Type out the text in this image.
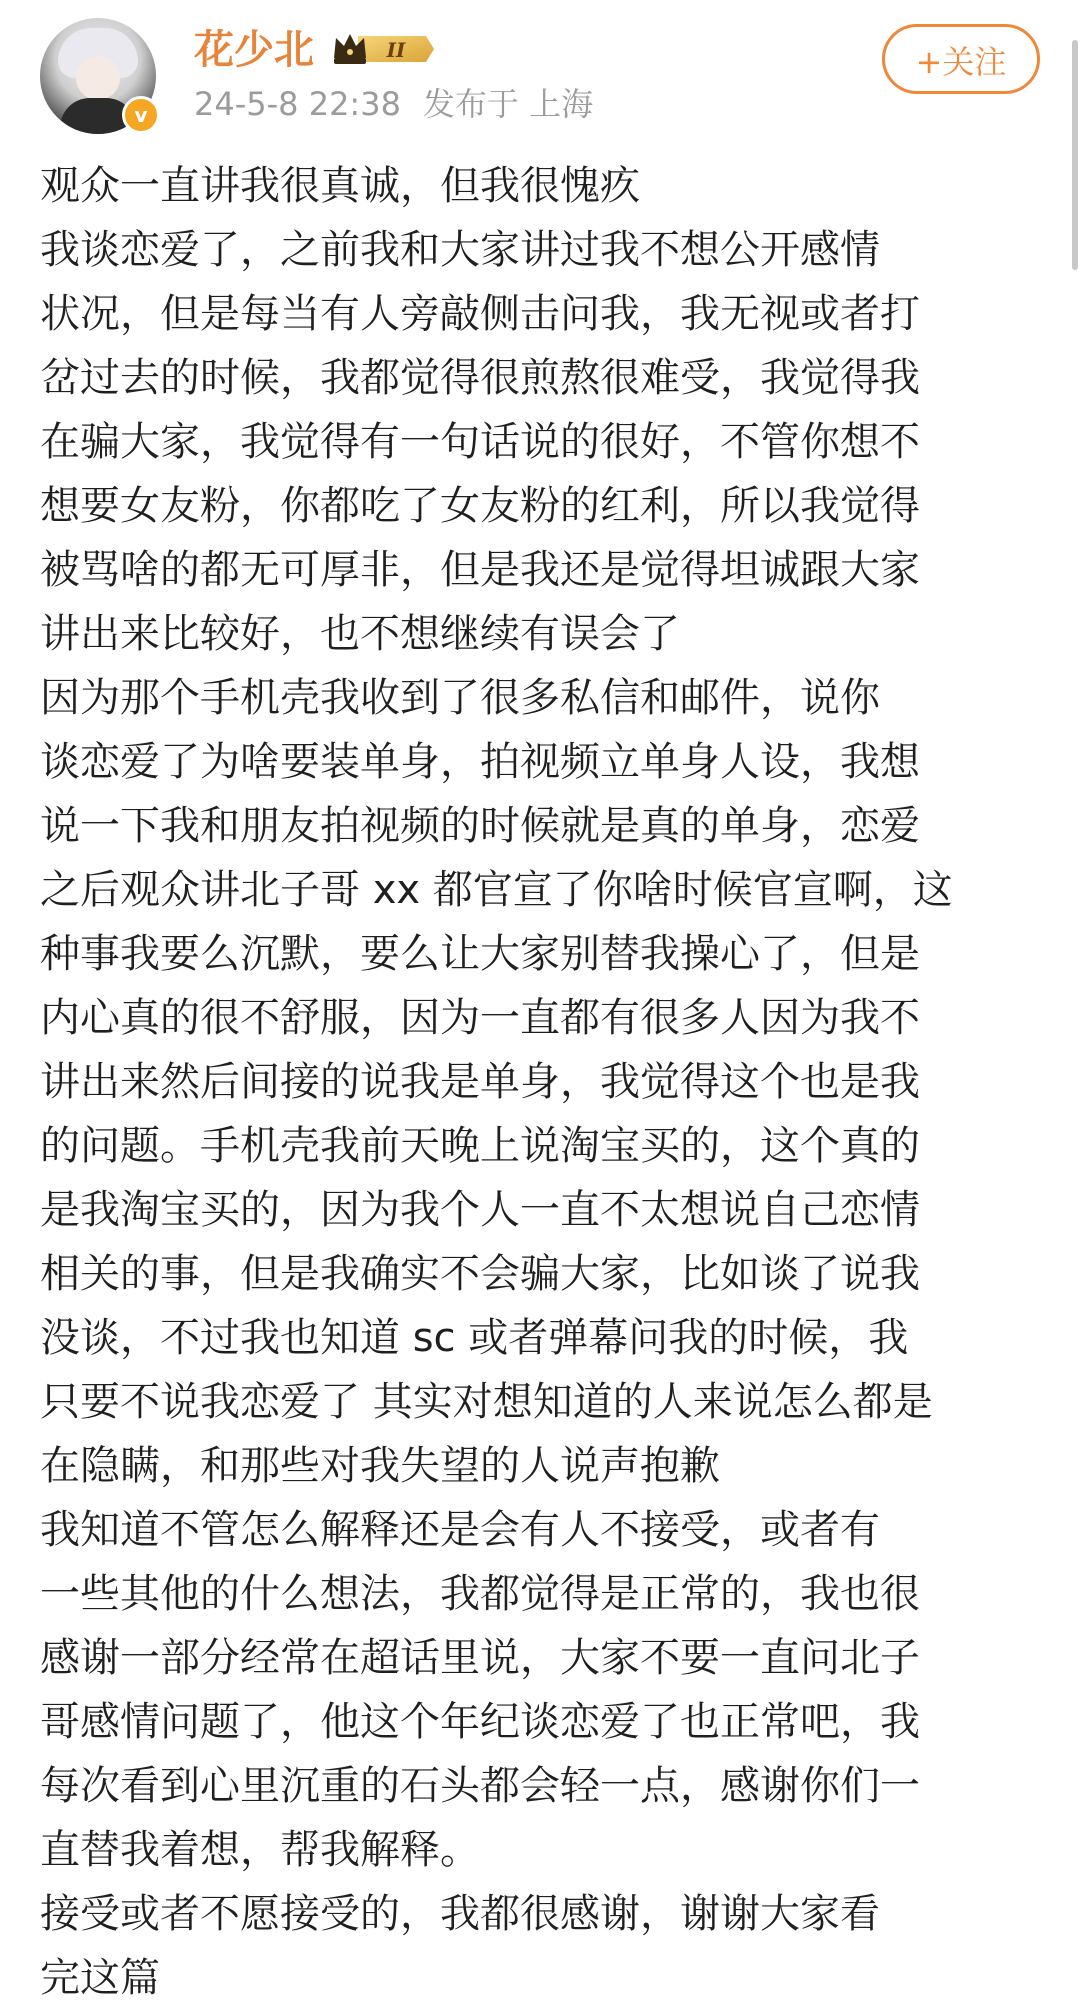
v
花少北	II
24-5-8 22:38 发布于 上海
+关注

观众一直讲我很真诚，但我很愧疚

我谈恋爱了，之前我和大家讲过我不想公开感情
状况，但是每当有人旁敲侧击问我，我无视或者打
岔过去的时候，我都觉得很煎熬很难受，我觉得我
在骗大家，我觉得有一句话说的很好，不管你想不
想要女友粉，你都吃了女友粉的红利，所以我觉得
被骂啥的都无可厚非，但是我还是觉得坦诚跟大家
讲出来比较好，也不想继续有误会了

因为那个手机壳我收到了很多私信和邮件，说你
谈恋爱了为啥要装单身，拍视频立单身人设，我想
说一下我和朋友拍视频的时候就是真的单身，恋爱
之后观众讲北子哥 xx 都官宣了你啥时候官宣啊，这
种事我要么沉默，要么让大家别替我操心了，但是
内心真的很不舒服，因为一直都有很多人因为我不
讲出来然后间接的说我是单身，我觉得这个也是我
的问题。手机壳我前天晚上说淘宝买的，这个真的
是我淘宝买的，因为我个人一直不太想说自己恋情
相关的事，但是我确实不会骗大家，比如谈了说我
没谈，不过我也知道 sc 或者弹幕问我的时候，我
只要不说我恋爱了 其实对想知道的人来说怎么都是
在隐瞒，和那些对我失望的人说声抱歉

我知道不管怎么解释还是会有人不接受，或者有
一些其他的什么想法，我都觉得是正常的，我也很
感谢一部分经常在超话里说，大家不要一直问北子
哥感情问题了，他这个年纪谈恋爱了也正常吧，我
每次看到心里沉重的石头都会轻一点，感谢你们一
直替我着想，帮我解释。

接受或者不愿接受的，我都很感谢，谢谢大家看
完这篇
